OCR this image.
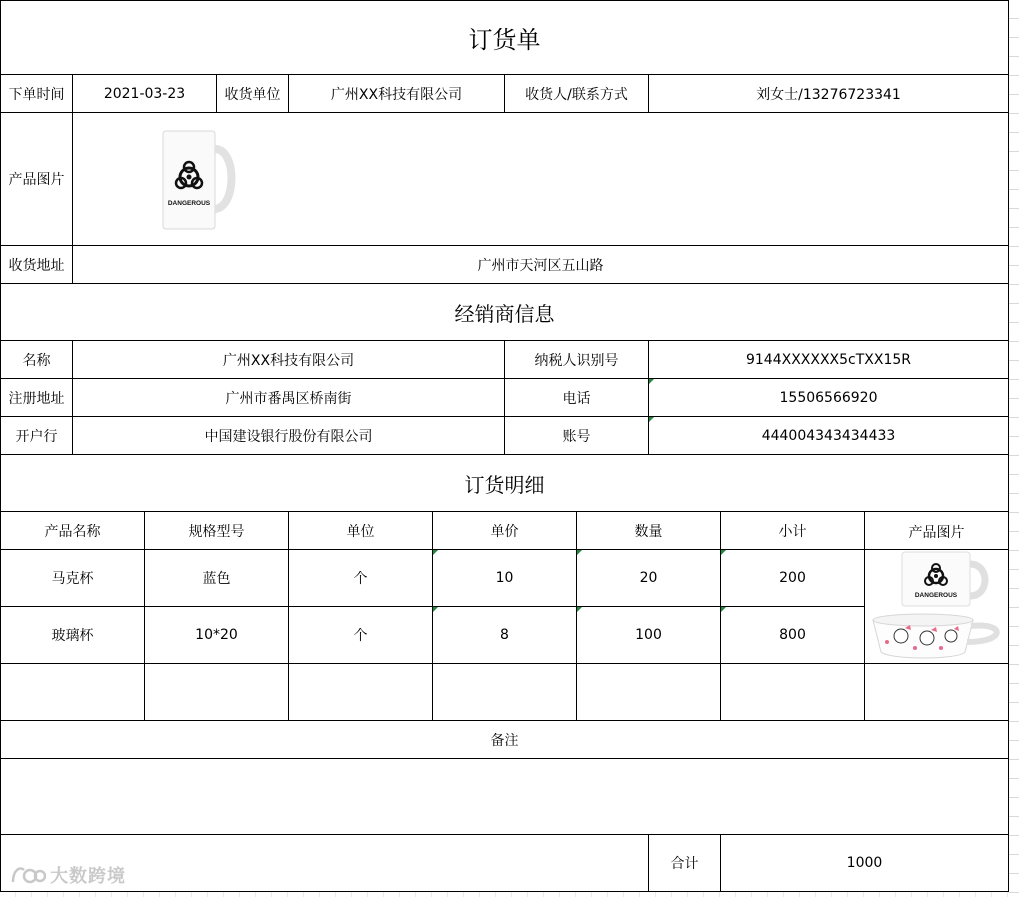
订货单
下单时间	2021-03-23	收货单位	广州XX科技有限公司	收货人/联系方式	刘女士/13276723341
产品图片
DANGEROUS
收货地址	广州市天河区五山路
经销商信息
名称	广州XX科技有限公司	纳税人识别号	9144XXXXXX5cTXX15R
注册地址	广州市番禺区桥南街	电话	15506566920
开户行	中国建设银行股份有限公司	账号	444004343434433
订货明细
产品名称	规格型号	单位	单价	数量	小计	产品图片
马克杯	蓝色	个	10	20	200
DANGEROUS
玻璃杯	10*20	个	8	100	800
备注
合计	1000
大数跨境
